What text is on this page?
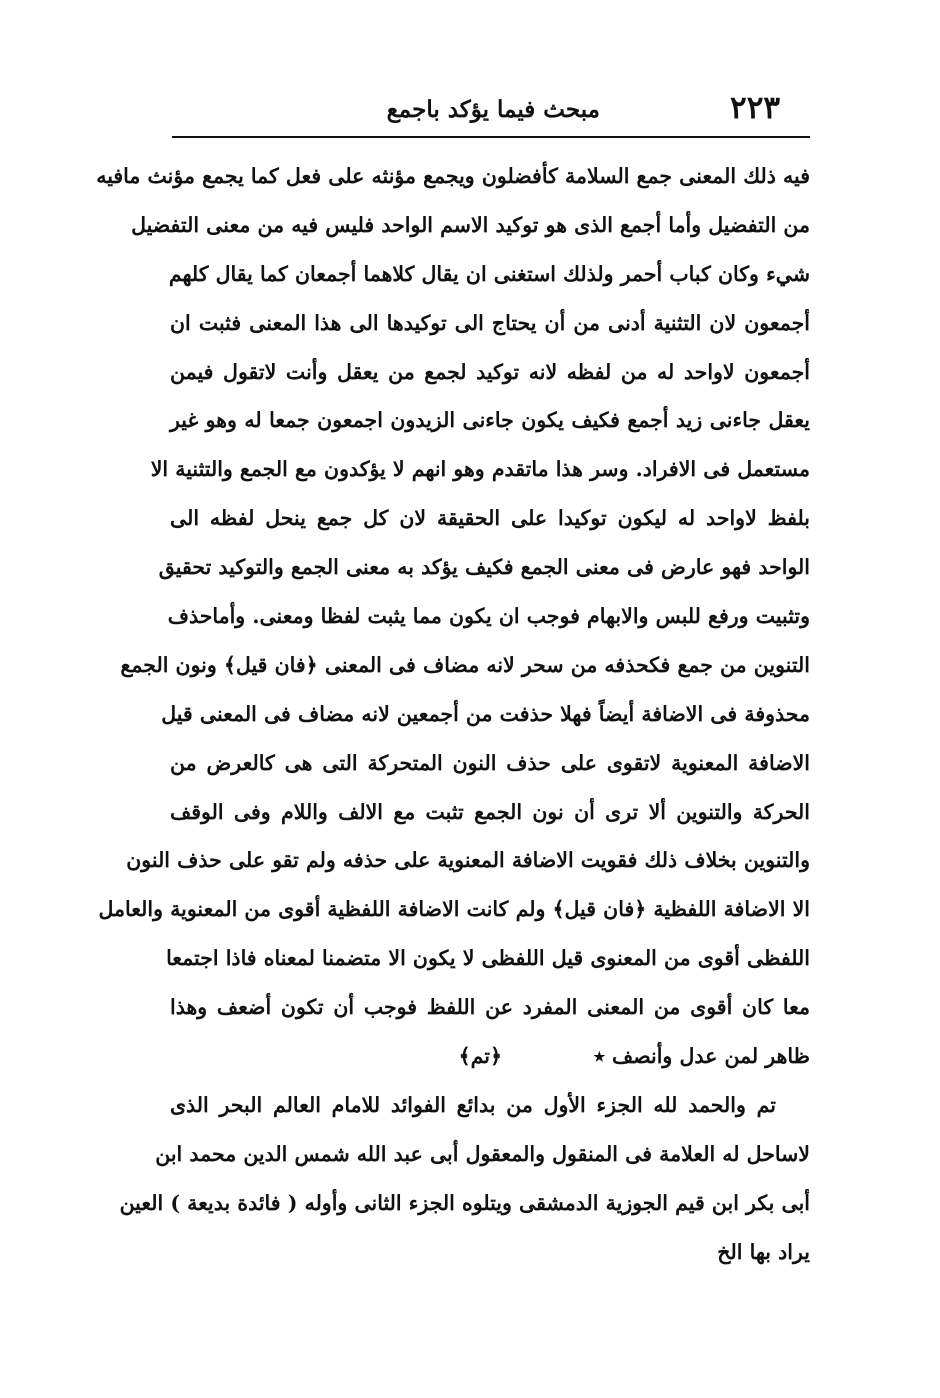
٢٢٣
مبحث فيما يؤكد باجمع
فيه ذلك المعنى جمع السلامة كأفضلون ويجمع مؤنثه على فعل كما يجمع مؤنث مافيه
من التفضيل وأما أجمع الذى هو توكيد الاسم الواحد فليس فيه من معنى التفضيل
شيء وكان كباب أحمر ولذلك استغنى ان يقال كلاهما أجمعان كما يقال كلهم
أجمعون لان التثنية أدنى من أن يحتاج الى توكيدها الى هذا المعنى فثبت ان
أجمعون لاواحد له من لفظه لانه توكيد لجمع من يعقل وأنت لاتقول فيمن
يعقل جاءنى زيد أجمع فكيف يكون جاءنى الزيدون اجمعون جمعا له وهو غير
مستعمل فى الافراد. وسر هذا ماتقدم وهو انهم لا يؤكدون مع الجمع والتثنية الا
بلفظ لاواحد له ليكون توكيدا على الحقيقة لان كل جمع ينحل لفظه الى
الواحد فهو عارض فى معنى الجمع فكيف يؤكد به معنى الجمع والتوكيد تحقيق
وتثبيت ورفع للبس والابهام فوجب ان يكون مما يثبت لفظا ومعنى. وأماحذف
التنوين من جمع فكحذفه من سحر لانه مضاف فى المعنى ﴿فان قيل﴾ ونون الجمع
محذوفة فى الاضافة أيضاً فهلا حذفت من أجمعين لانه مضاف فى المعنى قيل
الاضافة المعنوية لاتقوى على حذف النون المتحركة التى هى كالعرض من
الحركة والتنوين ألا ترى أن نون الجمع تثبت مع الالف واللام وفى الوقف
والتنوين بخلاف ذلك فقويت الاضافة المعنوية على حذفه ولم تقو على حذف النون
الا الاضافة اللفظية ﴿فان قيل﴾ ولم كانت الاضافة اللفظية أقوى من المعنوية والعامل
اللفظى أقوى من المعنوى قيل اللفظى لا يكون الا متضمنا لمعناه فاذا اجتمعا
معا كان أقوى من المعنى المفرد عن اللفظ فوجب أن تكون أضعف وهذا
ظاهر لمن عدل وأنصف ٭
﴿تم﴾
تم والحمد لله الجزء الأول من بدائع الفوائد للامام العالم البحر الذى
لاساحل له العلامة فى المنقول والمعقول أبى عبد الله شمس الدين محمد ابن
أبى بكر ابن قيم الجوزية الدمشقى ويتلوه الجزء الثانى وأوله ( فائدة بديعة ) العين
يراد بها الخ
